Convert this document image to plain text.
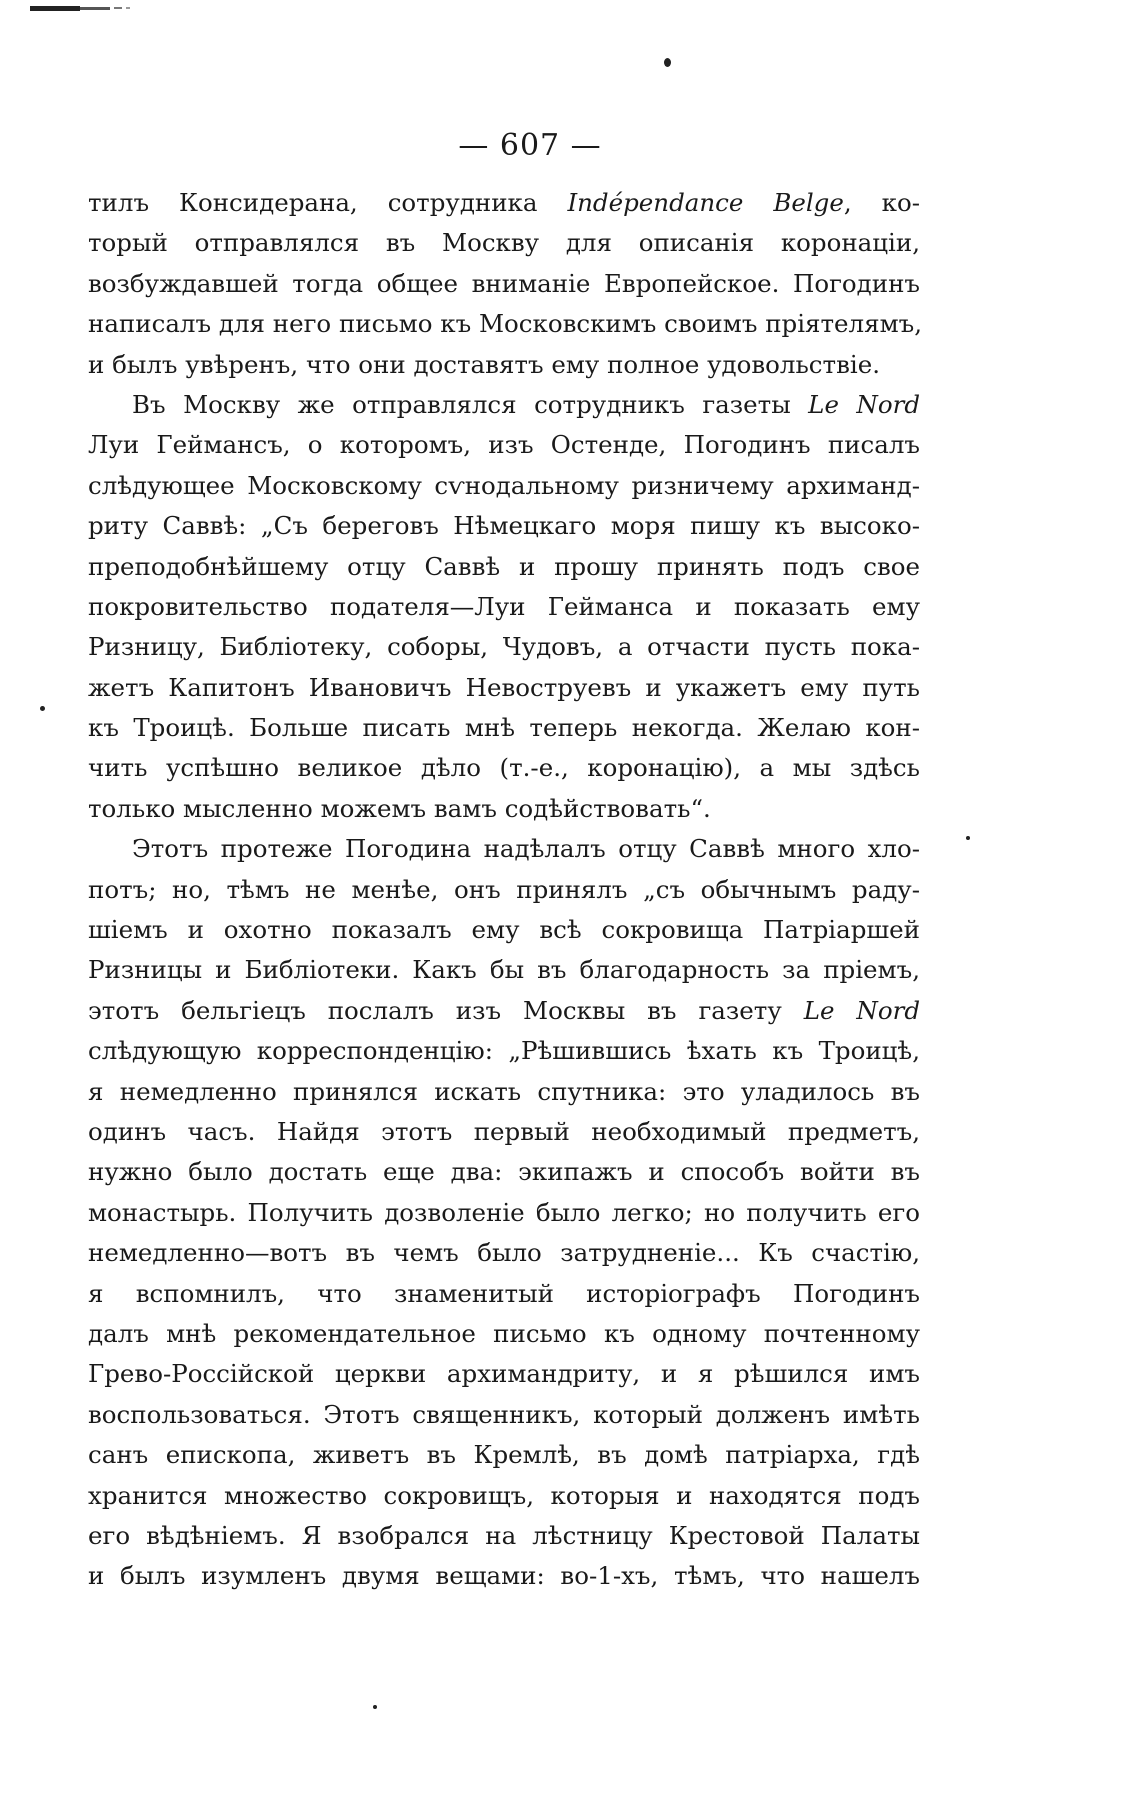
— 607 —
тилъ Консидерана, сотрудника Indépendance Belge, ко-
торый отправлялся въ Москву для описанія коронаціи,
возбуждавшей тогда общее вниманіе Европейское. Погодинъ
написалъ для него письмо къ Московскимъ своимъ пріятелямъ,
и былъ увѣренъ, что они доставятъ ему полное удовольствіе.
Въ Москву же отправлялся сотрудникъ газеты Le Nord
Луи Геймансъ, о которомъ, изъ Остенде, Погодинъ писалъ
слѣдующее Московскому сѵнодальному ризничему архиманд-
риту Саввѣ: „Съ береговъ Нѣмецкаго моря пишу къ высоко-
преподобнѣйшему отцу Саввѣ и прошу принять подъ свое
покровительство подателя—Луи Гейманса и показать ему
Ризницу, Библіотеку, соборы, Чудовъ, а отчасти пусть пока-
жетъ Капитонъ Ивановичъ Невоструевъ и укажетъ ему путь
къ Троицѣ. Больше писать мнѣ теперь некогда. Желаю кон-
чить успѣшно великое дѣло (т.-е., коронацію), а мы здѣсь
только мысленно можемъ вамъ содѣйствовать“.
Этотъ протеже Погодина надѣлалъ отцу Саввѣ много хло-
потъ; но, тѣмъ не менѣе, онъ принялъ „съ обычнымъ раду-
шіемъ и охотно показалъ ему всѣ сокровища Патріаршей
Ризницы и Библіотеки. Какъ бы въ благодарность за пріемъ,
этотъ бельгіецъ послалъ изъ Москвы въ газету Le Nord
слѣдующую корреспонденцію: „Рѣшившись ѣхать къ Троицѣ,
я немедленно принялся искать спутника: это уладилось въ
одинъ часъ. Найдя этотъ первый необходимый предметъ,
нужно было достать еще два: экипажъ и способъ войти въ
монастырь. Получить дозволеніе было легко; но получить его
немедленно—вотъ въ чемъ было затрудненіе... Къ счастію,
я вспомнилъ, что знаменитый исторіографъ Погодинъ
далъ мнѣ рекомендательное письмо къ одному почтенному
Грево-Россійской церкви архимандриту, и я рѣшился имъ
воспользоваться. Этотъ священникъ, который долженъ имѣть
санъ епископа, живетъ въ Кремлѣ, въ домѣ патріарха, гдѣ
хранится множество сокровищъ, которыя и находятся подъ
его вѣдѣніемъ. Я взобрался на лѣстницу Крестовой Палаты
и былъ изумленъ двумя вещами: во-1-хъ, тѣмъ, что нашелъ
